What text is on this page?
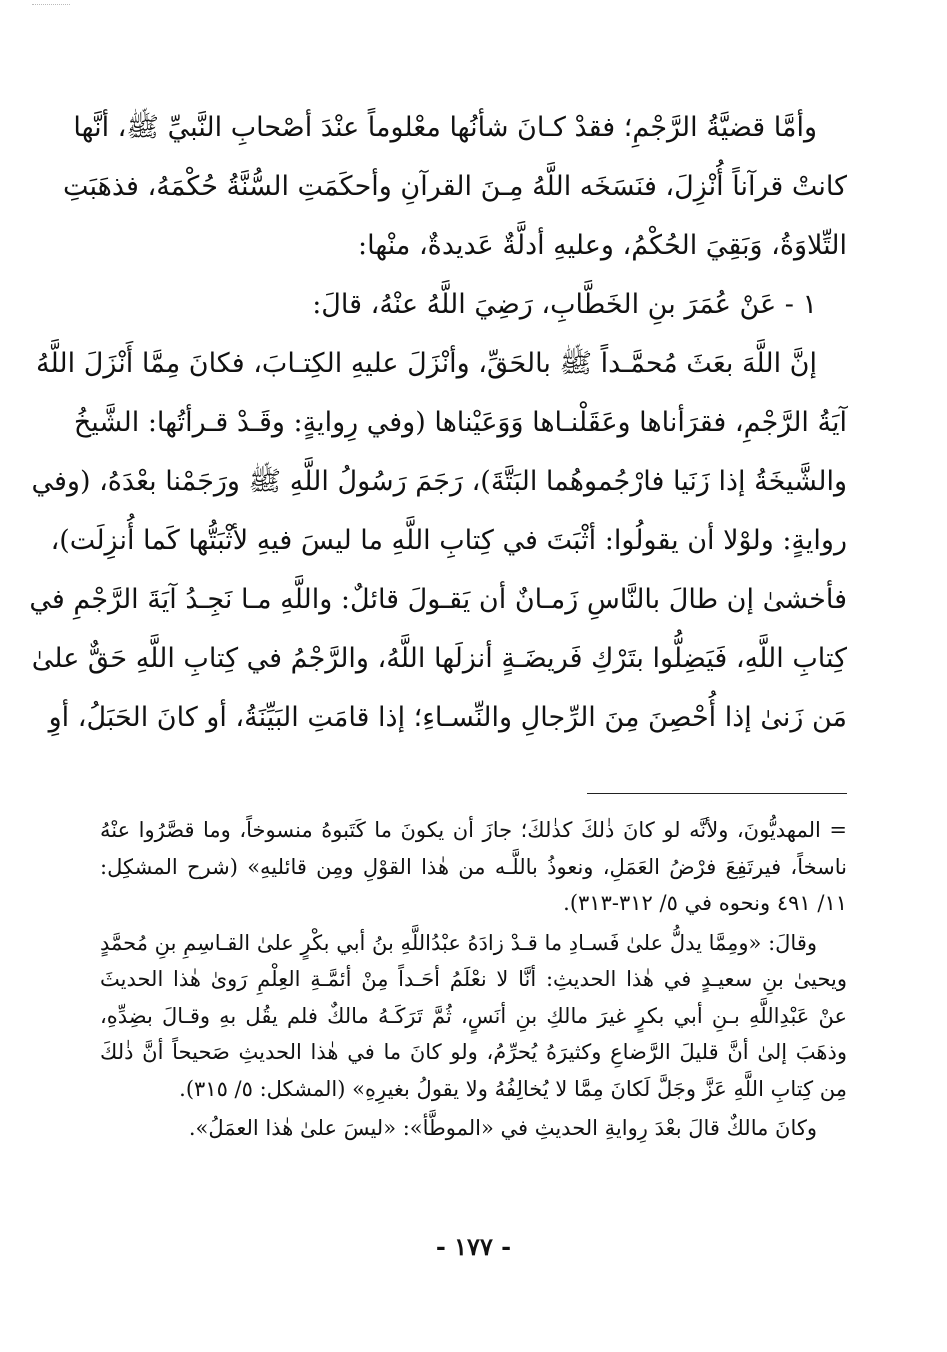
وأمَّا قضيَّةُ الرَّجْمِ؛ فقدْ كـانَ شأنُها معْلوماً عنْدَ أصْحابِ النَّبيِّ ﷺ، أنَّها
كانتْ قرآناً أُنْزِلَ، فنَسَخَه اللَّهُ مِـنَ القرآنِ وأحكَمَتِ السُّنَّةُ حُكْمَهُ، فذهَبَتِ
التِّلاوَةُ، وَبَقِيَ الحُكْمُ، وعليهِ أدلَّةٌ عَديدةٌ، منْها:

١ - عَنْ عُمَرَ بنِ الخَطَّابِ، رَضِيَ اللَّهُ عنْهُ، قالَ:

إنَّ اللَّهَ بعَثَ مُحمَّـداً ﷺ بالحَقِّ، وأنْزَلَ عليهِ الكِتـابَ، فكانَ مِمَّا أَنْزَلَ اللَّهُ
آيَةُ الرَّجْمِ، فقرَأناها وعَقَلْنـاها وَوَعَيْناها (وفي رِوايةٍ: وقَـدْ قـرأتُها: الشَّيخُ
والشَّيخَةُ إذا زَنَيا فارْجُموهُما البَتَّةَ)، رَجَمَ رَسُولُ اللَّهِ ﷺ ورَجَمْنا بعْدَهُ، (وفي
روايةٍ: ولوْلا أن يقولُوا: أثْبَتَ في كِتابِ اللَّهِ ما ليسَ فيهِ لأثْبَتُّها كَما أُنزِلَت)،
فأخشىٰ إن طالَ بالنَّاسِ زَمـانٌ أن يَقـولَ قائلٌ: واللَّهِ مـا نَجِـدُ آيَةَ الرَّجْمِ في
كِتابِ اللَّهِ، فَيَضِلُّوا بتَرْكِ فَريضَـةٍ أنزلَها اللَّهُ، والرَّجْمُ في كِتابِ اللَّهِ حَقٌّ علىٰ
مَن زَنىٰ إذا أُحْصِنَ مِنَ الرِّجالِ والنِّسـاءِ؛ إذا قامَتِ البَيِّنَةُ، أو كانَ الحَبَلُ، أوِ

= المهديُّونَ، ولأنَّه لو كانَ ذٰلكَ كذٰلكَ؛ جازَ أن يكونَ ما كَتَبوهُ منسوخاً، وما قصَّرُوا عنْهُ
ناسخاً، فيرتَفِعَ فرْضُ العَمَلِ، ونعوذُ باللَّـه من هٰذا القوْلِ ومِن قائليهِ» (شرح المشكِل:
١١/ ٤٩١ ونحوه في ٥/ ٣١٢-٣١٣).

وقالَ: «ومِمَّا يدلُّ علىٰ فَسـادِ ما قـدْ زادَهُ عبْدُاللَّهِ بنُ أبي بكْرٍ علىٰ القـاسِمِ بنِ مُحمَّدٍ
ويحيىٰ بنِ سعيـدٍ في هٰذا الحديثِ: أنَّا لا نعْلَمُ أحَـداً مِنْ أئمَّـةِ العِلْمِ رَوىٰ هٰذا الحديثَ
عنْ عَبْدِاللَّهِ بـنِ أبي بكرٍ غيرَ مالكِ بنِ أنَسٍ، ثُمَّ تَرَكَـهُ مالكٌ فلم يقُل بهِ وقـالَ بضِدِّهِ،
وذهَبَ إلىٰ أنَّ قليلَ الرَّضاعِ وكثيرَهُ يُحرِّمُ، ولو كانَ ما في هٰذا الحديثِ صَحيحاً أنَّ ذٰلكَ
مِن كِتابِ اللَّهِ عَزَّ وجَلَّ لَكانَ مِمَّا لا يُخالِفُهُ ولا يقولُ بغيرِهِ» (المشكل: ٥/ ٣١٥).

وكانَ مالكٌ قالَ بعْدَ رِوايةِ الحديثِ في «الموطَّأ»: «ليسَ علىٰ هٰذا العمَلُ».

- ١٧٧ -
